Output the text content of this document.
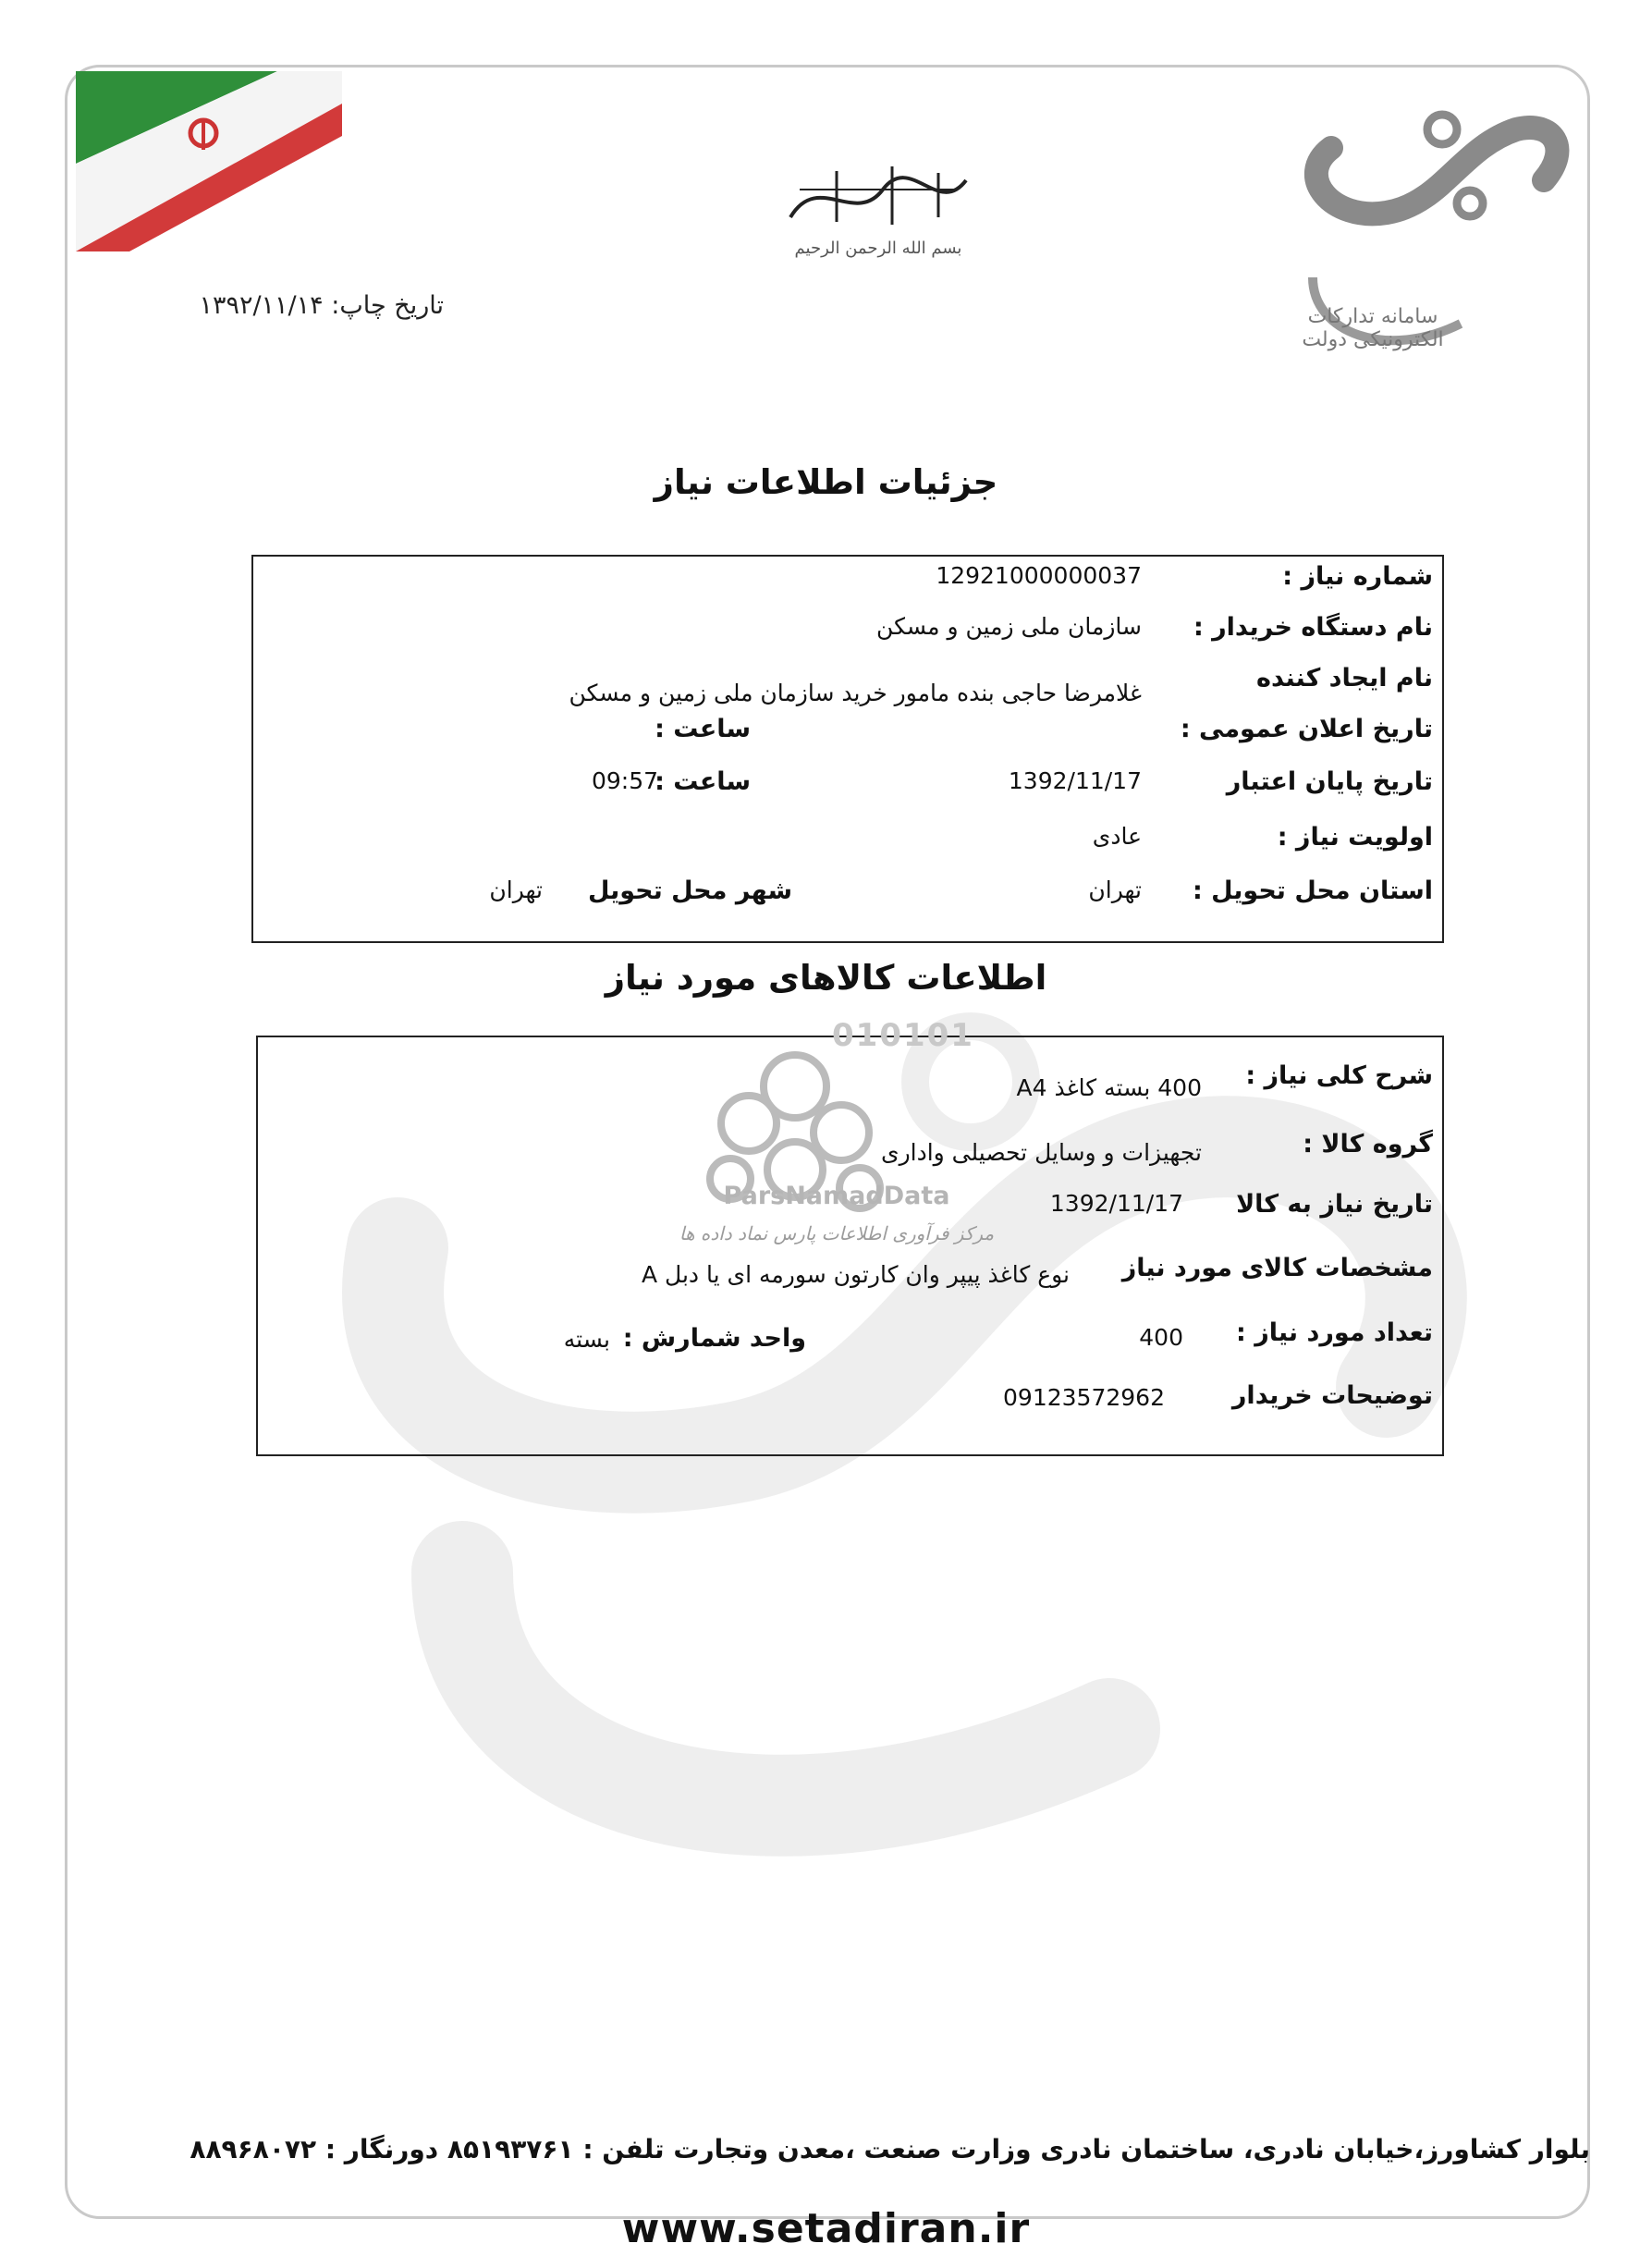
سامانه تدارکات الکترونیکی دولت
بسم الله الرحمن الرحیم
تاریخ چاپ: ۱۳۹۲/۱۱/۱۴
جزئیات اطلاعات نیاز
شماره نیاز :
12921000000037
نام دستگاه خریدار :
سازمان ملی زمین و مسکن
نام ایجاد کننده
غلامرضا حاجی بنده مامور خرید سازمان ملی زمین و مسکن
تاریخ اعلان عمومی :
ساعت :
تاریخ پایان اعتبار
1392/11/17
ساعت :
09:57
اولویت نیاز :
عادی
استان محل تحویل :
تهران
شهر محل تحویل
تهران
اطلاعات کالاهای مورد نیاز
010101
ParsNamadData
مرکز فرآوری اطلاعات پارس نماد داده ها
شرح کلی نیاز :
400 بسته کاغذ A4
گروه کالا :
تجهیزات و وسایل تحصیلی واداری
تاریخ نیاز به کالا
1392/11/17
مشخصات کالای مورد نیاز
نوع کاغذ پیپر وان کارتون سورمه ای یا دبل A
تعداد مورد نیاز :
400
واحد شمارش :
بسته
توضیحات خریدار
09123572962
بلوار کشاورز،خیابان نادری، ساختمان نادری وزارت صنعت ،معدن وتجارت تلفن : ۸۵۱۹۳۷۶۱ دورنگار : ۸۸۹۶۸۰۷۲
www.setadiran.ir
